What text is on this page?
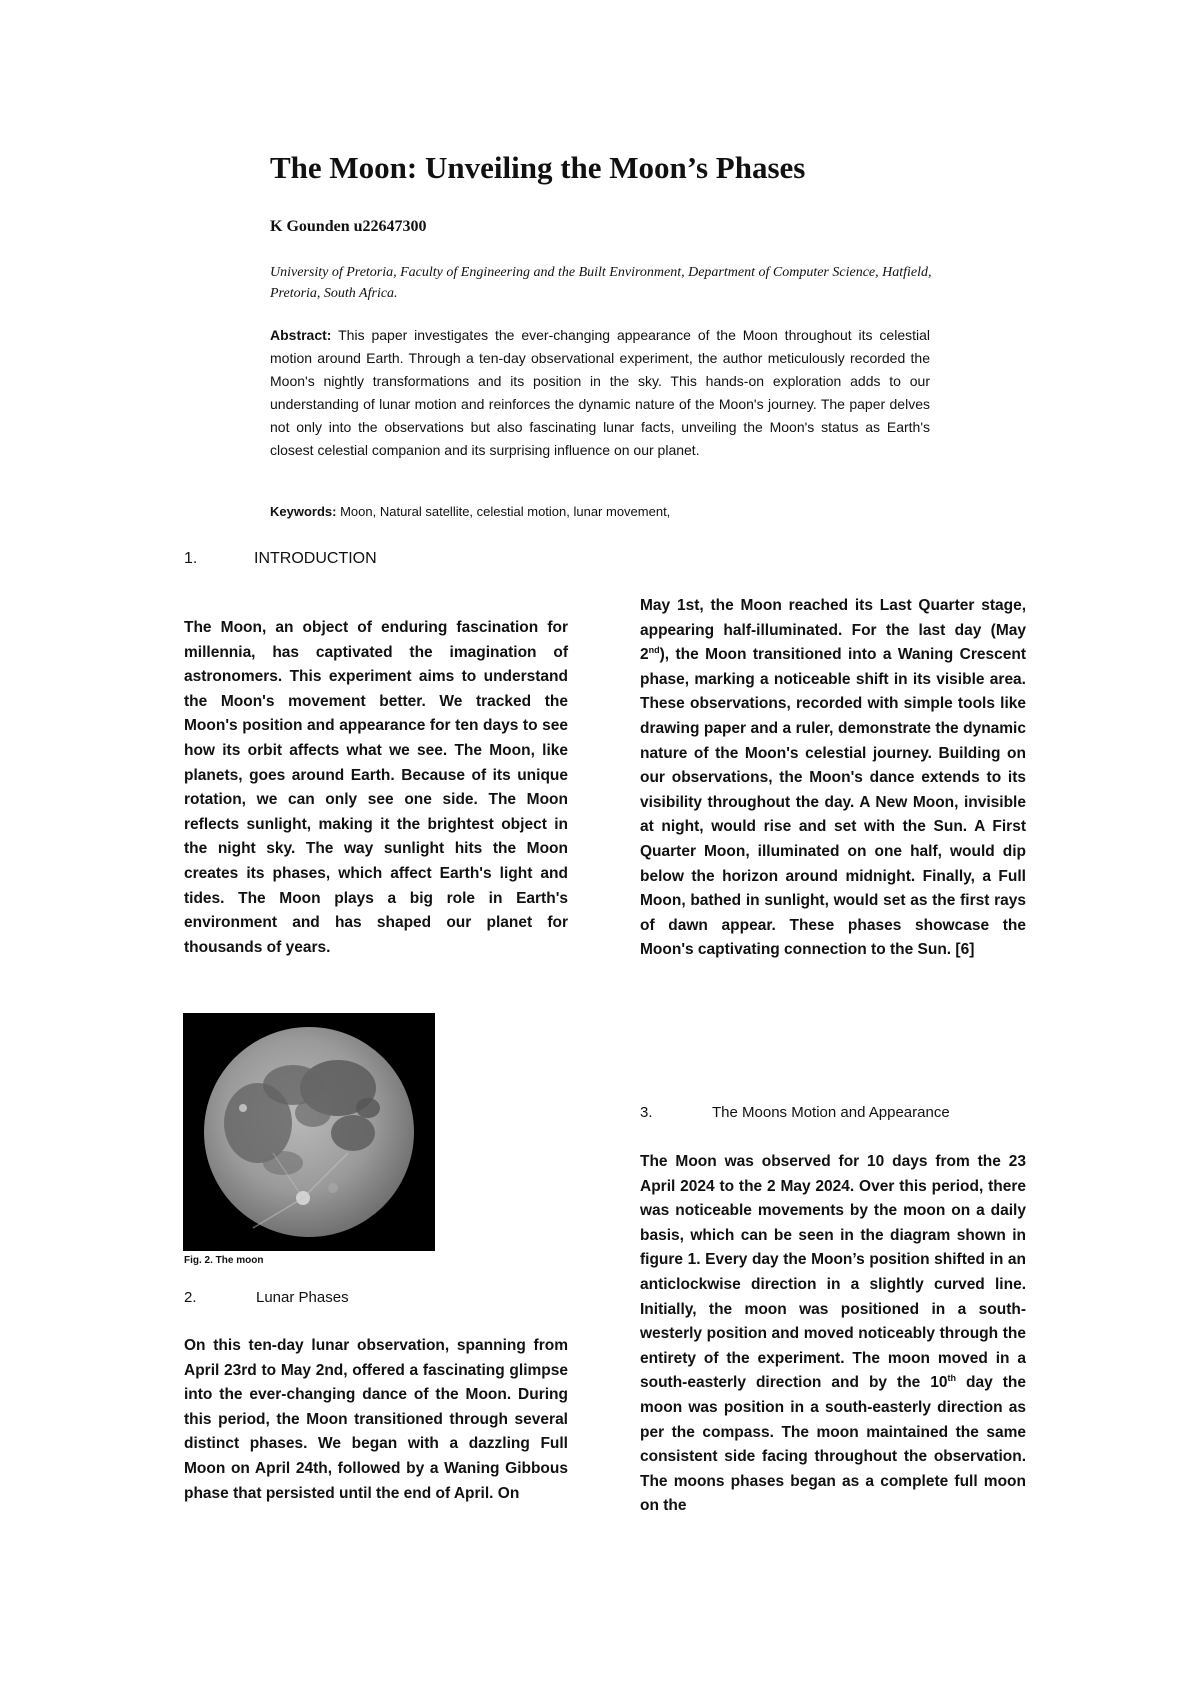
The Moon: Unveiling the Moon’s Phases
K Gounden u22647300
University of Pretoria, Faculty of Engineering and the Built Environment, Department of Computer Science, Hatfield, Pretoria, South Africa.

Abstract: This paper investigates the ever-changing appearance of the Moon throughout its celestial motion around Earth. Through a ten-day observational experiment, the author meticulously recorded the Moon's nightly transformations and its position in the sky. This hands-on exploration adds to our understanding of lunar motion and reinforces the dynamic nature of the Moon's journey. The paper delves not only into the observations but also fascinating lunar facts, unveiling the Moon's status as Earth's closest celestial companion and its surprising influence on our planet.

Keywords: Moon, Natural satellite, celestial motion, lunar movement,

1.	INTRODUCTION

The Moon, an object of enduring fascination for millennia, has captivated the imagination of astronomers. This experiment aims to understand the Moon's movement better. We tracked the Moon's position and appearance for ten days to see how its orbit affects what we see. The Moon, like planets, goes around Earth. Because of its unique rotation, we can only see one side. The Moon reflects sunlight, making it the brightest object in the night sky. The way sunlight hits the Moon creates its phases, which affect Earth's light and tides. The Moon plays a big role in Earth's environment and has shaped our planet for thousands of years.

Fig. 2. The moon
2.	Lunar Phases

On this ten-day lunar observation, spanning from April 23rd to May 2nd, offered a fascinating glimpse into the ever-changing dance of the Moon. During this period, the Moon transitioned through several distinct phases. We began with a dazzling Full Moon on April 24th, followed by a Waning Gibbous phase that persisted until the end of April. On

May 1st, the Moon reached its Last Quarter stage, appearing half-illuminated. For the last day (May 2nd), the Moon transitioned into a Waning Crescent phase, marking a noticeable shift in its visible area. These observations, recorded with simple tools like drawing paper and a ruler, demonstrate the dynamic nature of the Moon's celestial journey. Building on our observations, the Moon's dance extends to its visibility throughout the day. A New Moon, invisible at night, would rise and set with the Sun. A First Quarter Moon, illuminated on one half, would dip below the horizon around midnight. Finally, a Full Moon, bathed in sunlight, would set as the first rays of dawn appear. These phases showcase the Moon's captivating connection to the Sun. [6]

3.	The Moons Motion and Appearance

The Moon was observed for 10 days from the 23 April 2024 to the 2 May 2024. Over this period, there was noticeable movements by the moon on a daily basis, which can be seen in the diagram shown in figure 1. Every day the Moon’s position shifted in an anticlockwise direction in a slightly curved line. Initially, the moon was positioned in a south-westerly position and moved noticeably through the entirety of the experiment. The moon moved in a south-easterly direction and by the 10th day the moon was position in a south-easterly direction as per the compass. The moon maintained the same consistent side facing throughout the observation. The moons phases began as a complete full moon on the
